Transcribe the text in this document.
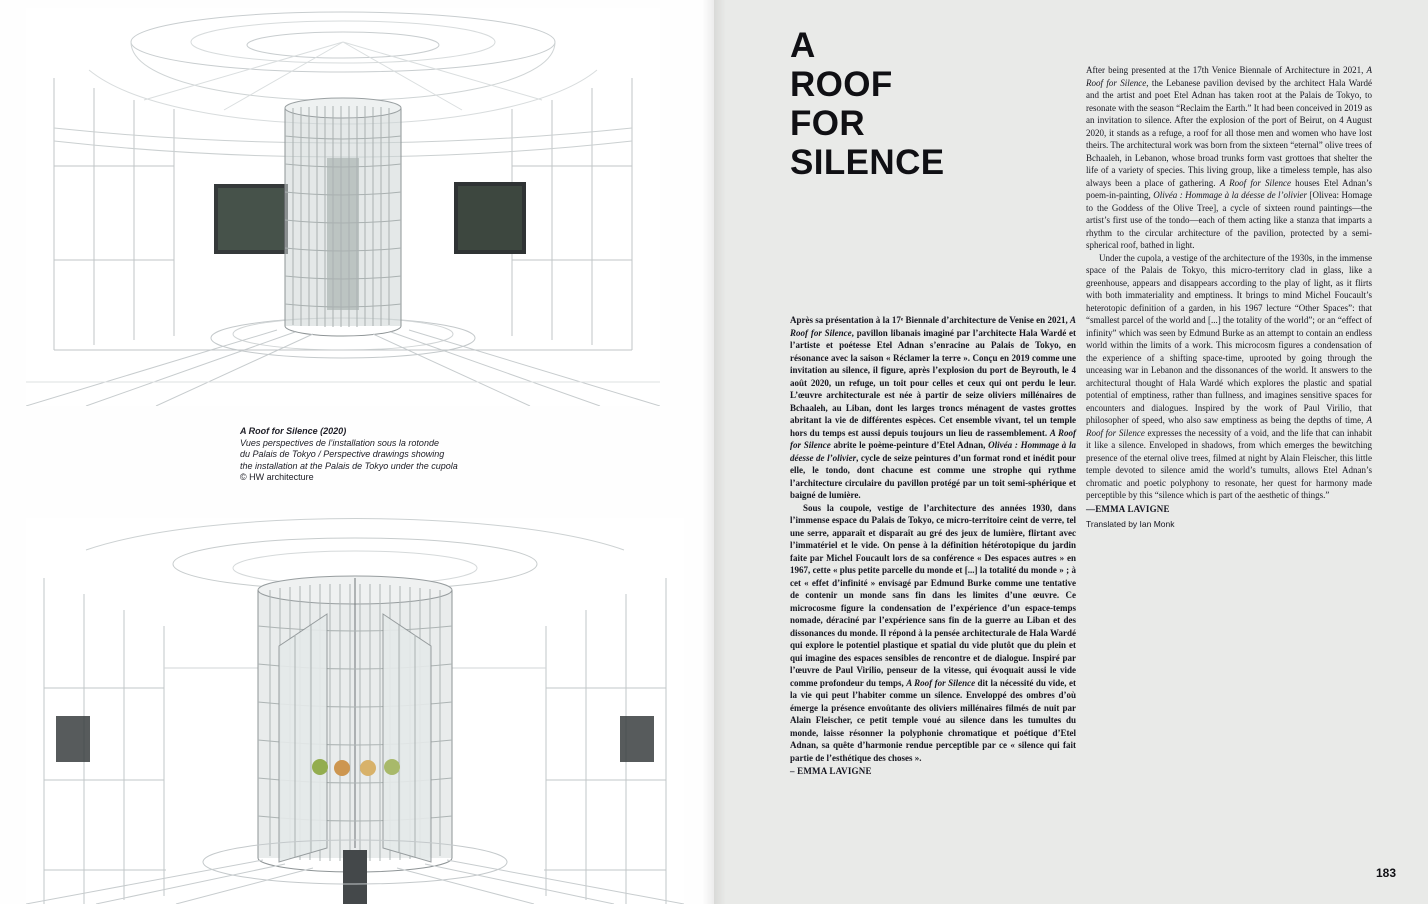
A Roof for Silence (2020)
Vues perspectives de l’installation sous la rotonde
du Palais de Tokyo / Perspective drawings showing
the installation at the Palais de Tokyo under the cupola
© HW architecture
A
ROOF
FOR
SILENCE

Après sa présentation à la 17ᵉ Biennale d’architecture de Venise en 2021, A Roof for Silence, pavillon libanais imaginé par l’architecte Hala Wardé et l’artiste et poétesse Etel Adnan s’enracine au Palais de Tokyo, en résonance avec la saison « Réclamer la terre ». Conçu en 2019 comme une invitation au silence, il figure, après l’explosion du port de Beyrouth, le 4 août 2020, un refuge, un toit pour celles et ceux qui ont perdu le leur. L’œuvre architecturale est née à partir de seize oliviers millénaires de Bchaaleh, au Liban, dont les larges troncs ménagent de vastes grottes abritant la vie de différentes espèces. Cet ensemble vivant, tel un temple hors du temps est aussi depuis toujours un lieu de rassemblement. A Roof for Silence abrite le poème-peinture d’Etel Adnan, Olivéa : Hommage à la déesse de l’olivier, cycle de seize peintures d’un format rond et inédit pour elle, le tondo, dont chacune est comme une strophe qui rythme l’architecture circulaire du pavillon protégé par un toit semi-sphérique et baigné de lumière.

Sous la coupole, vestige de l’architecture des années 1930, dans l’immense espace du Palais de Tokyo, ce micro-territoire ceint de verre, tel une serre, apparaît et disparaît au gré des jeux de lumière, flirtant avec l’immatériel et le vide. On pense à la définition hétérotopique du jardin faite par Michel Foucault lors de sa conférence « Des espaces autres » en 1967, cette « plus petite parcelle du monde et [...] la totalité du monde » ; à cet « effet d’infinité » envisagé par Edmund Burke comme une tentative de contenir un monde sans fin dans les limites d’une œuvre. Ce microcosme figure la condensation de l’expérience d’un espace-temps nomade, déraciné par l’expérience sans fin de la guerre au Liban et des dissonances du monde. Il répond à la pensée architecturale de Hala Wardé qui explore le potentiel plastique et spatial du vide plutôt que du plein et qui imagine des espaces sensibles de rencontre et de dialogue. Inspiré par l’œuvre de Paul Virilio, penseur de la vitesse, qui évoquait aussi le vide comme profondeur du temps, A Roof for Silence dit la nécessité du vide, et la vie qui peut l’habiter comme un silence. Enveloppé des ombres d’où émerge la présence envoûtante des oliviers millénaires filmés de nuit par Alain Fleischer, ce petit temple voué au silence dans les tumultes du monde, laisse résonner la polyphonie chromatique et poétique d’Etel Adnan, sa quête d’harmonie rendue perceptible par ce « silence qui fait partie de l’esthétique des choses ».

– EMMA LAVIGNE

After being presented at the 17th Venice Biennale of Architecture in 2021, A Roof for Silence, the Lebanese pavilion devised by the architect Hala Wardé and the artist and poet Etel Adnan has taken root at the Palais de Tokyo, to resonate with the season “Reclaim the Earth.” It had been conceived in 2019 as an invitation to silence. After the explosion of the port of Beirut, on 4 August 2020, it stands as a refuge, a roof for all those men and women who have lost theirs. The architectural work was born from the sixteen “eternal” olive trees of Bchaaleh, in Lebanon, whose broad trunks form vast grottoes that shelter the life of a variety of species. This living group, like a timeless temple, has also always been a place of gathering. A Roof for Silence houses Etel Adnan’s poem-in-painting, Olivéa : Hommage à la déesse de l’olivier [Olivea: Homage to the Goddess of the Olive Tree], a cycle of sixteen round paintings—the artist’s first use of the tondo—each of them acting like a stanza that imparts a rhythm to the circular architecture of the pavilion, protected by a semi-spherical roof, bathed in light.

Under the cupola, a vestige of the architecture of the 1930s, in the immense space of the Palais de Tokyo, this micro-territory clad in glass, like a greenhouse, appears and disappears according to the play of light, as it flirts with both immateriality and emptiness. It brings to mind Michel Foucault’s heterotopic definition of a garden, in his 1967 lecture “Other Spaces”: that “smallest parcel of the world and [...] the totality of the world”; or an “effect of infinity” which was seen by Edmund Burke as an attempt to contain an endless world within the limits of a work. This microcosm figures a condensation of the experience of a shifting space-time, uprooted by going through the unceasing war in Lebanon and the dissonances of the world. It answers to the architectural thought of Hala Wardé which explores the plastic and spatial potential of emptiness, rather than fullness, and imagines sensitive spaces for encounters and dialogues. Inspired by the work of Paul Virilio, that philosopher of speed, who also saw emptiness as being the depths of time, A Roof for Silence expresses the necessity of a void, and the life that can inhabit it like a silence. Enveloped in shadows, from which emerges the bewitching presence of the eternal olive trees, filmed at night by Alain Fleischer, this little temple devoted to silence amid the world’s tumults, allows Etel Adnan’s chromatic and poetic polyphony to resonate, her quest for harmony made perceptible by this “silence which is part of the aesthetic of things.”

—EMMA LAVIGNE

Translated by Ian Monk

183
